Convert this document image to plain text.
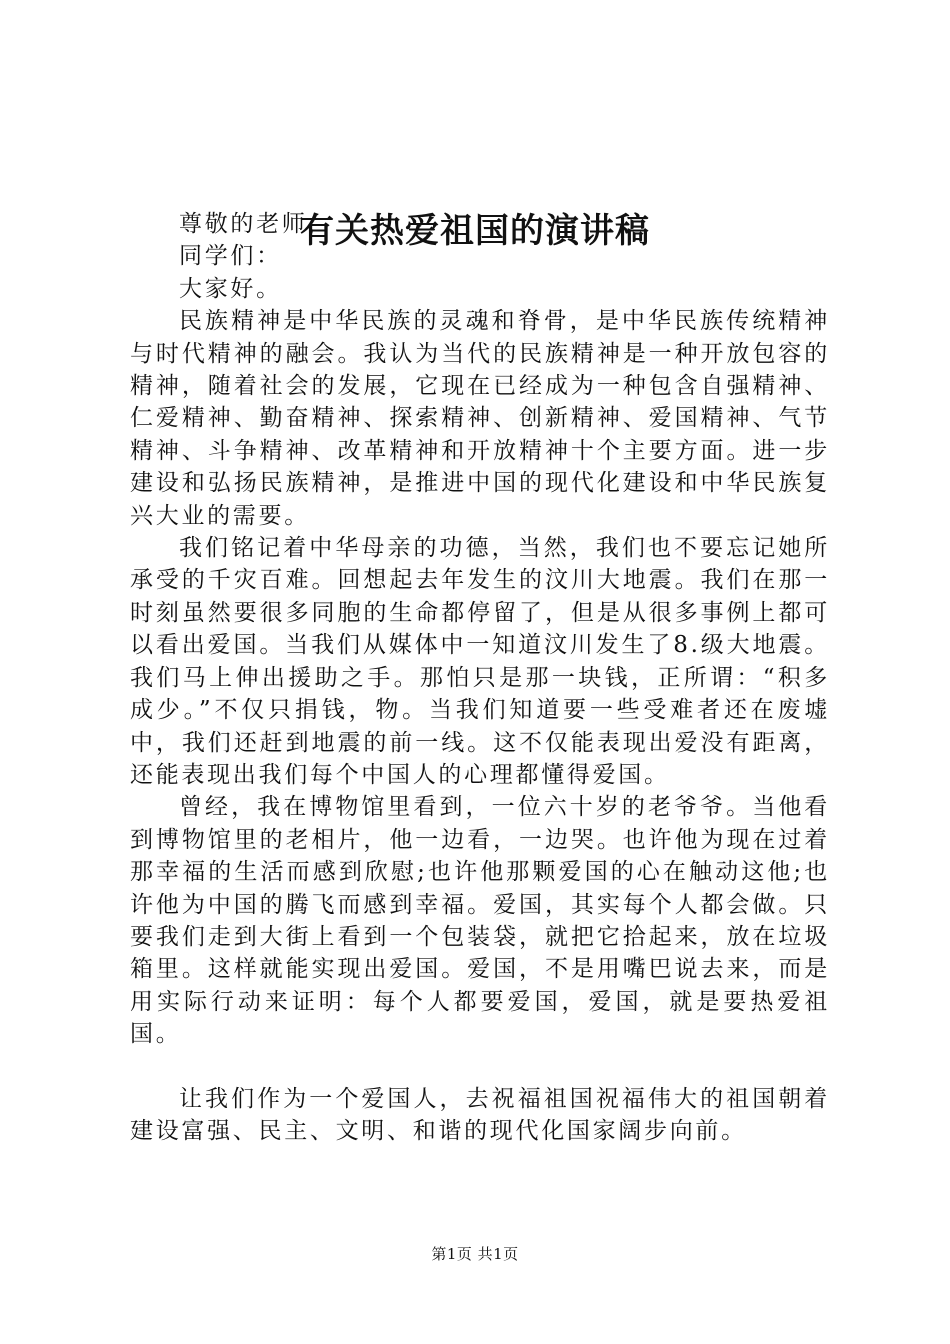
有关热爱祖国的演讲稿

尊敬的老师，

同学们：

大家好。

民族精神是中华民族的灵魂和脊骨，是中华民族传统精神与时代精神的融会。我认为当代的民族精神是一种开放包容的精神，随着社会的发展，它现在已经成为一种包含自强精神、仁爱精神、勤奋精神、探索精神、创新精神、爱国精神、气节精神、斗争精神、改革精神和开放精神十个主要方面。进一步建设和弘扬民族精神，是推进中国的现代化建设和中华民族复兴大业的需要。

我们铭记着中华母亲的功德，当然，我们也不要忘记她所承受的千灾百难。回想起去年发生的汶川大地震。我们在那一时刻虽然要很多同胞的生命都停留了，但是从很多事例上都可以看出爱国。当我们从媒体中一知道汶川发生了8.级大地震。我们马上伸出援助之手。那怕只是那一块钱，正所谓：“积多成少。”不仅只捐钱，物。当我们知道要一些受难者还在废墟中，我们还赶到地震的前一线。这不仅能表现出爱没有距离，还能表现出我们每个中国人的心理都懂得爱国。

曾经，我在博物馆里看到，一位六十岁的老爷爷。当他看到博物馆里的老相片，他一边看，一边哭。也许他为现在过着那幸福的生活而感到欣慰;也许他那颗爱国的心在触动这他;也许他为中国的腾飞而感到幸福。爱国，其实每个人都会做。只要我们走到大街上看到一个包装袋，就把它拾起来，放在垃圾箱里。这样就能实现出爱国。爱国，不是用嘴巴说去来，而是用实际行动来证明：每个人都要爱国，爱国，就是要热爱祖国。

让我们作为一个爱国人，去祝福祖国祝福伟大的祖国朝着建设富强、民主、文明、和谐的现代化国家阔步向前。

第1页 共1页
